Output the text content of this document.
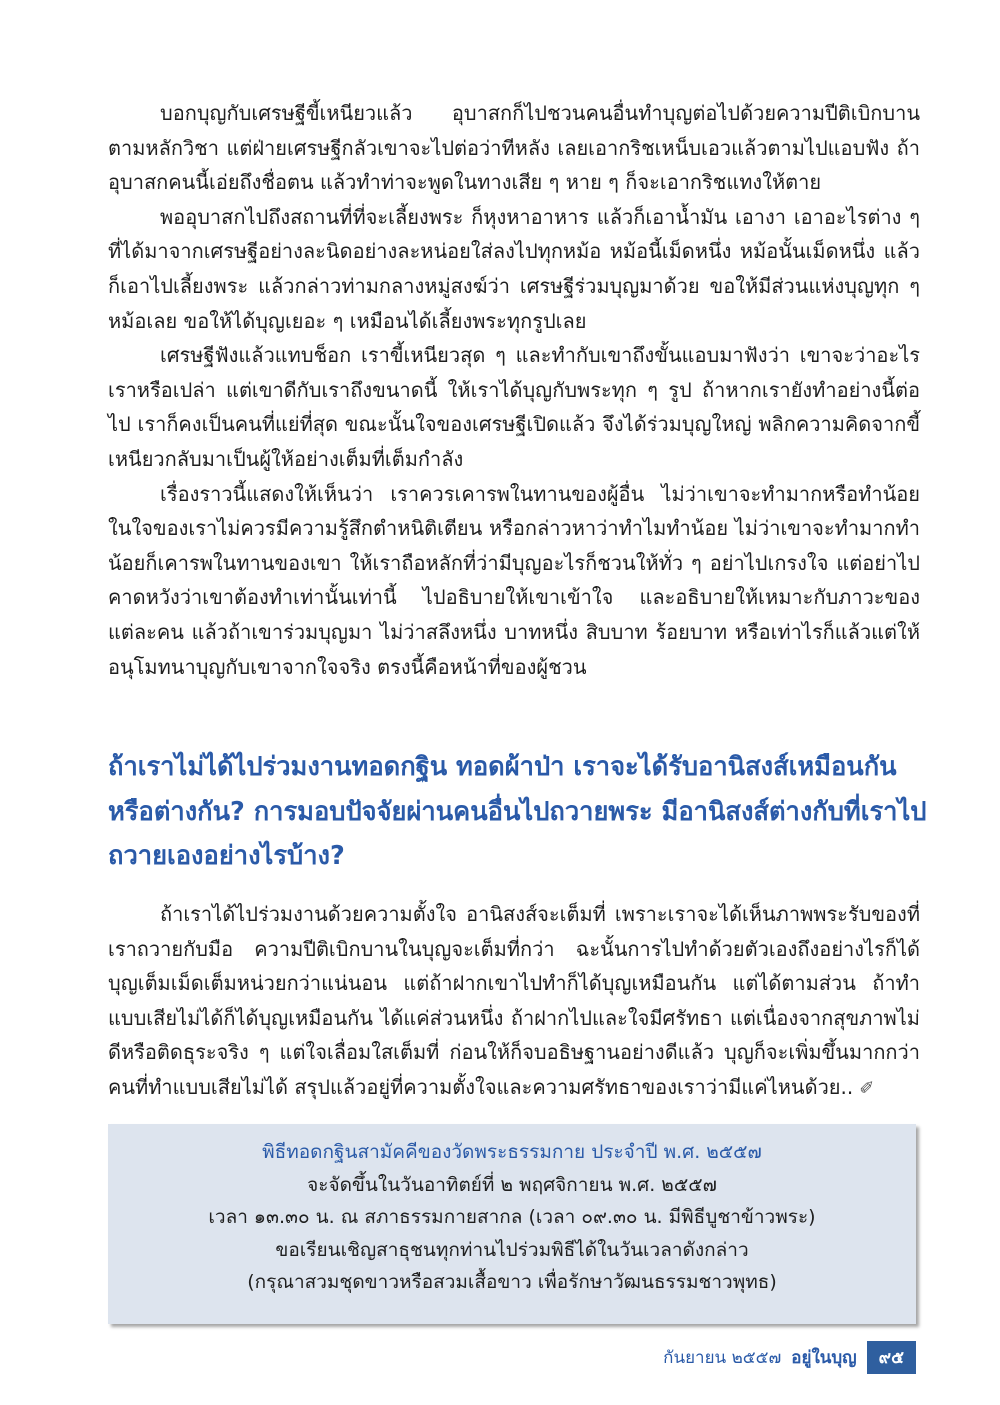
บอกบุญกับเศรษฐีขี้เหนียวแล้ว อุบาสกก็ไปชวนคนอื่นทำบุญต่อไปด้วยความปีติเบิกบาน ตามหลักวิชา แต่ฝ่ายเศรษฐีกลัวเขาจะไปต่อว่าทีหลัง เลยเอากริชเหน็บเอวแล้วตามไปแอบฟัง ถ้าอุบาสกคนนี้เอ่ยถึงชื่อตน แล้วทำท่าจะพูดในทางเสีย ๆ หาย ๆ ก็จะเอากริชแทงให้ตาย

พออุบาสกไปถึงสถานที่ที่จะเลี้ยงพระ ก็หุงหาอาหาร แล้วก็เอาน้ำมัน เอางา เอาอะไรต่าง ๆ ที่ได้มาจากเศรษฐีอย่างละนิดอย่างละหน่อยใส่ลงไปทุกหม้อ หม้อนี้เม็ดหนึ่ง หม้อนั้นเม็ดหนึ่ง แล้วก็เอาไปเลี้ยงพระ แล้วกล่าวท่ามกลางหมู่สงฆ์ว่า เศรษฐีร่วมบุญมาด้วย ขอให้มีส่วนแห่งบุญทุก ๆ หม้อเลย ขอให้ได้บุญเยอะ ๆ เหมือนได้เลี้ยงพระทุกรูปเลย

เศรษฐีฟังแล้วแทบช็อก เราขี้เหนียวสุด ๆ และทำกับเขาถึงขั้นแอบมาฟังว่า เขาจะว่าอะไรเราหรือเปล่า แต่เขาดีกับเราถึงขนาดนี้ ให้เราได้บุญกับพระทุก ๆ รูป ถ้าหากเรายังทำอย่างนี้ต่อไป เราก็คงเป็นคนที่แย่ที่สุด ขณะนั้นใจของเศรษฐีเปิดแล้ว จึงได้ร่วมบุญใหญ่ พลิกความคิดจากขี้เหนียวกลับมาเป็นผู้ให้อย่างเต็มที่เต็มกำลัง

เรื่องราวนี้แสดงให้เห็นว่า เราควรเคารพในทานของผู้อื่น ไม่ว่าเขาจะทำมากหรือทำน้อย ในใจของเราไม่ควรมีความรู้สึกตำหนิติเตียน หรือกล่าวหาว่าทำไมทำน้อย ไม่ว่าเขาจะทำมากทำน้อยก็เคารพในทานของเขา ให้เราถือหลักที่ว่ามีบุญอะไรก็ชวนให้ทั่ว ๆ อย่าไปเกรงใจ แต่อย่าไปคาดหวังว่าเขาต้องทำเท่านั้นเท่านี้ ไปอธิบายให้เขาเข้าใจ และอธิบายให้เหมาะกับภาวะของแต่ละคน แล้วถ้าเขาร่วมบุญมา ไม่ว่าสลึงหนึ่ง บาทหนึ่ง สิบบาท ร้อยบาท หรือเท่าไรก็แล้วแต่ให้อนุโมทนาบุญกับเขาจากใจจริง ตรงนี้คือหน้าที่ของผู้ชวน

ถ้าเราไม่ได้ไปร่วมงานทอดกฐิน ทอดผ้าป่า เราจะได้รับอานิสงส์เหมือนกันหรือต่างกัน? การมอบปัจจัยผ่านคนอื่นไปถวายพระ มีอานิสงส์ต่างกับที่เราไปถวายเองอย่างไรบ้าง?

ถ้าเราได้ไปร่วมงานด้วยความตั้งใจ อานิสงส์จะเต็มที่ เพราะเราจะได้เห็นภาพพระรับของที่เราถวายกับมือ ความปีติเบิกบานในบุญจะเต็มที่กว่า ฉะนั้นการไปทำด้วยตัวเองถึงอย่างไรก็ได้บุญเต็มเม็ดเต็มหน่วยกว่าแน่นอน แต่ถ้าฝากเขาไปทำก็ได้บุญเหมือนกัน แต่ได้ตามส่วน ถ้าทำแบบเสียไม่ได้ก็ได้บุญเหมือนกัน ได้แค่ส่วนหนึ่ง ถ้าฝากไปและใจมีศรัทธา แต่เนื่องจากสุขภาพไม่ดีหรือติดธุระจริง ๆ แต่ใจเลื่อมใสเต็มที่ ก่อนให้ก็จบอธิษฐานอย่างดีแล้ว บุญก็จะเพิ่มขึ้นมากกว่าคนที่ทำแบบเสียไม่ได้ สรุปแล้วอยู่ที่ความตั้งใจและความศรัทธาของเราว่ามีแค่ไหนด้วย.. ✐

พิธีทอดกฐินสามัคคีของวัดพระธรรมกาย ประจำปี พ.ศ. ๒๕๕๗
จะจัดขึ้นในวันอาทิตย์ที่ ๒ พฤศจิกายน พ.ศ. ๒๕๕๗
เวลา ๑๓.๓๐ น. ณ สภาธรรมกายสากล (เวลา ๐๙.๓๐ น. มีพิธีบูชาข้าวพระ)
ขอเรียนเชิญสาธุชนทุกท่านไปร่วมพิธีได้ในวันเวลาดังกล่าว
(กรุณาสวมชุดขาวหรือสวมเสื้อขาว เพื่อรักษาวัฒนธรรมชาวพุทธ)
กันยายน ๒๕๕๗ อยู่ในบุญ	๙๕
